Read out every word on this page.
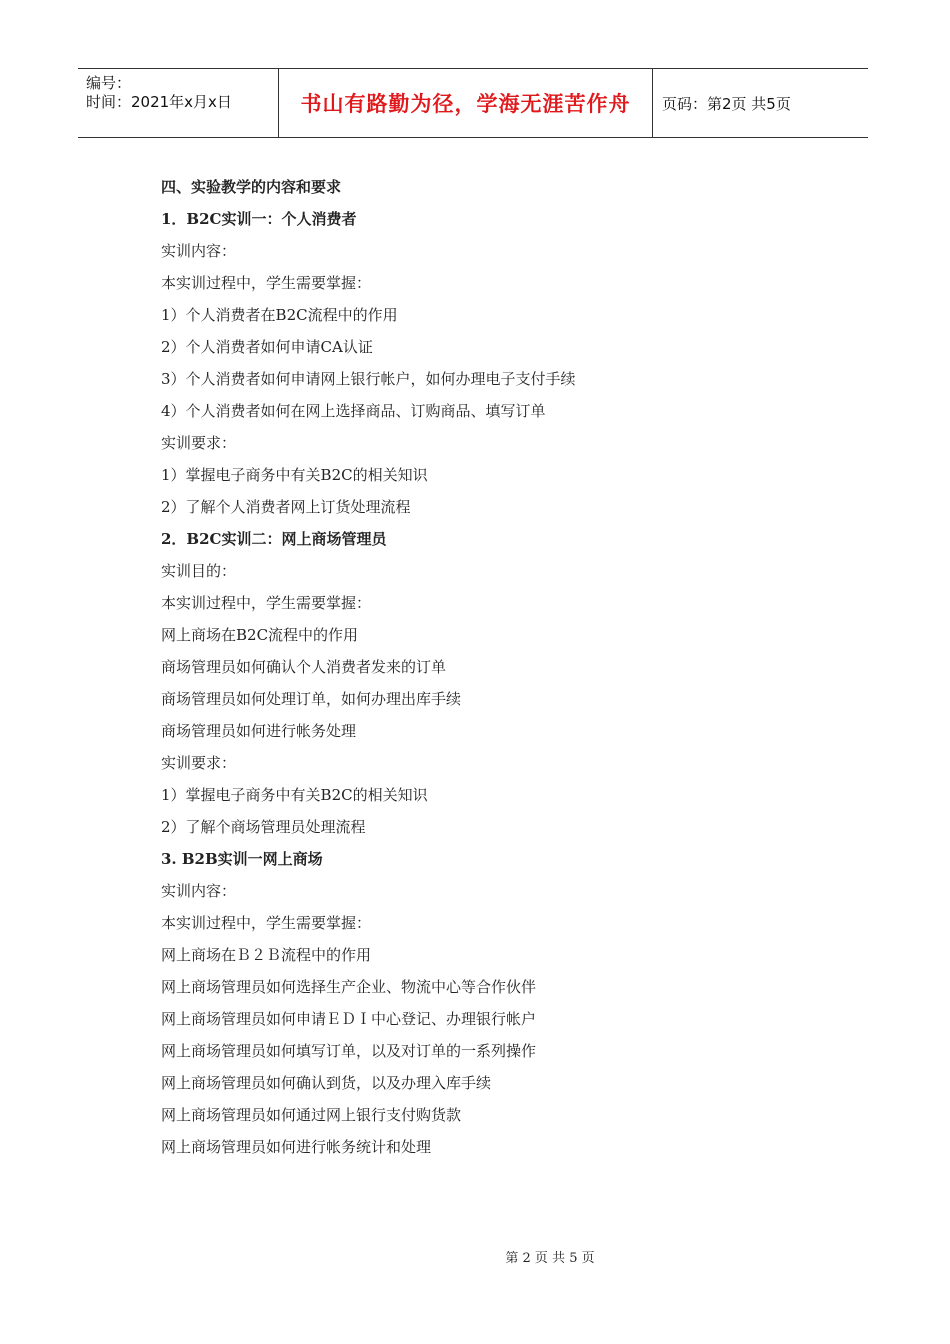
编号：
时间：2021年x月x日	书山有路勤为径，学海无涯苦作舟	页码：第2页 共5页
四、实验教学的内容和要求
1．B2C实训一：个人消费者
实训内容：
本实训过程中，学生需要掌握：
1）个人消费者在B2C流程中的作用
2）个人消费者如何申请CA认证
3）个人消费者如何申请网上银行帐户，如何办理电子支付手续
4）个人消费者如何在网上选择商品、订购商品、填写订单
实训要求：
1）掌握电子商务中有关B2C的相关知识
2）了解个人消费者网上订货处理流程
2．B2C实训二：网上商场管理员
实训目的：
本实训过程中，学生需要掌握：
网上商场在B2C流程中的作用
商场管理员如何确认个人消费者发来的订单
商场管理员如何处理订单，如何办理出库手续
商场管理员如何进行帐务处理
实训要求：
1）掌握电子商务中有关B2C的相关知识
2）了解个商场管理员处理流程
3. B2B实训一网上商场
实训内容：
本实训过程中，学生需要掌握：
网上商场在Ｂ２Ｂ流程中的作用
网上商场管理员如何选择生产企业、物流中心等合作伙伴
网上商场管理员如何申请ＥＤＩ中心登记、办理银行帐户
网上商场管理员如何填写订单，以及对订单的一系列操作
网上商场管理员如何确认到货，以及办理入库手续
网上商场管理员如何通过网上银行支付购货款
网上商场管理员如何进行帐务统计和处理
第 2 页 共 5 页
